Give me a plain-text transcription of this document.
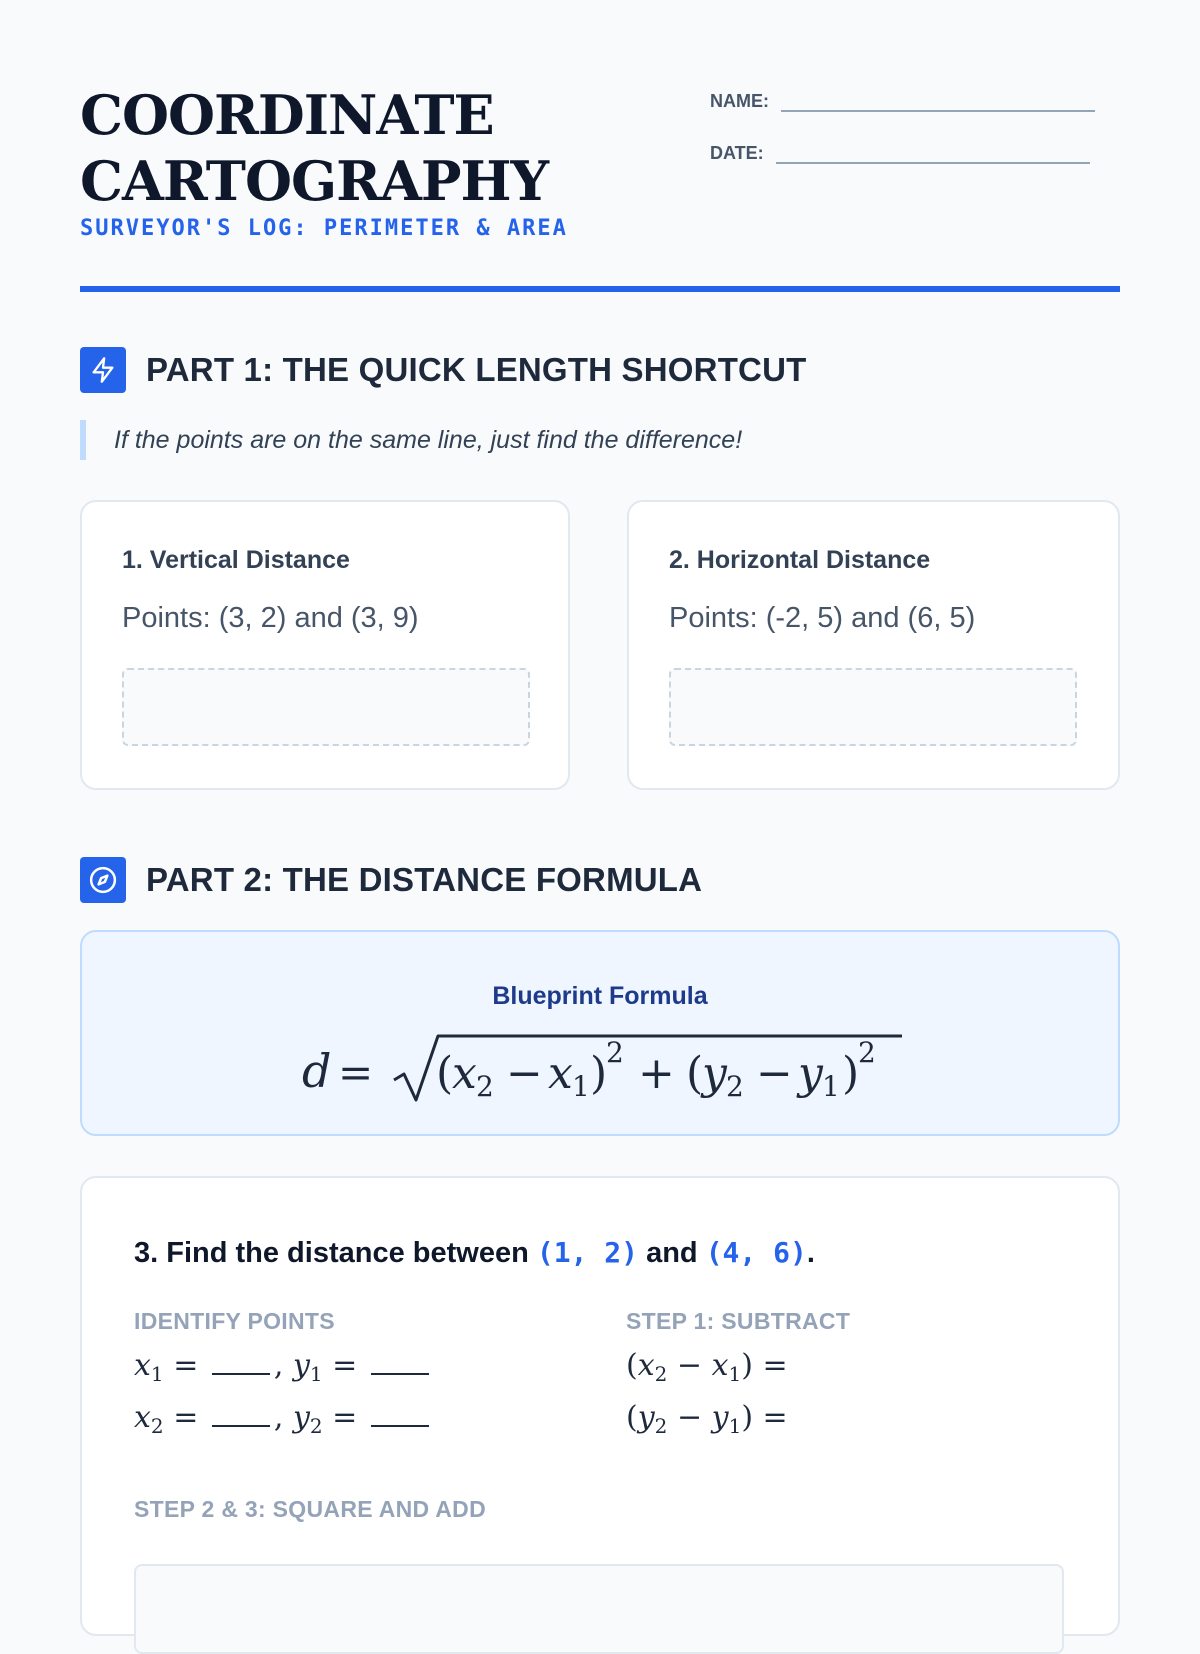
COORDINATE
CARTOGRAPHY
SURVEYOR'S LOG: PERIMETER & AREA
NAME:
DATE:
PART 1: THE QUICK LENGTH SHORTCUT
If the points are on the same line, just find the difference!
1. Vertical Distance
Points: (3, 2) and (3, 9)
2. Horizontal Distance
Points: (-2, 5) and (6, 5)
PART 2: THE DISTANCE FORMULA
Blueprint Formula
d = (
x 2 − x 1 )
2 + (
y 2 − y 1 )
2
3. Find the distance between (1, 2) and (4, 6).
IDENTIFY POINTS	STEP 1: SUBTRACT
$x_1$ = , $y_1$ =
$x_2$ = , $y_2$ =
$(x_2 - x_1)$ =
$(y_2 - y_1)$ =
STEP 2 & 3: SQUARE AND ADD
